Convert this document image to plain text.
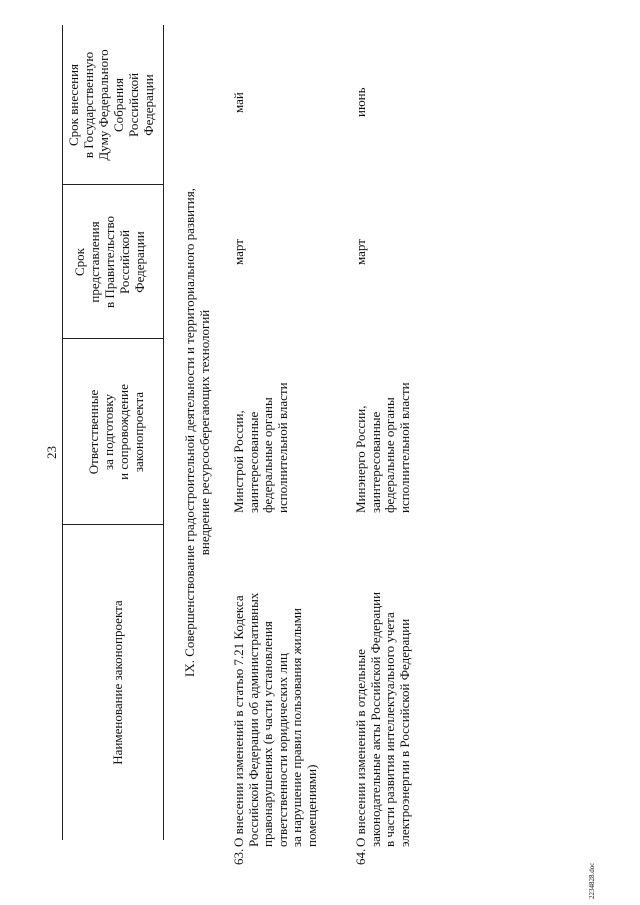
23
Наименование законопроекта
Ответственные за подготовку и сопровождение законопроекта
Срок представления в Правительство Российской Федерации
Срок внесения в Государственную Думу Федерального Собрания Российской Федерации
IX. Совершенствование градостроительной деятельности и территориального развития, внедрение ресурсосберегающих технологий
63.
О внесении изменений в статью 7.21 Кодекса Российской Федерации об административных правонарушениях (в части установления ответственности юридических лиц за нарушение правил пользования жилыми помещениями)
Минстрой России, заинтересованные федеральные органы исполнительной власти
март
май
64.
О внесении изменений в отдельные законодательные акты Российской Федерации в части развития интеллектуального учета электроэнергии в Российской Федерации
Минэнерго России, заинтересованные федеральные органы исполнительной власти
март
июнь
2234828.doc
